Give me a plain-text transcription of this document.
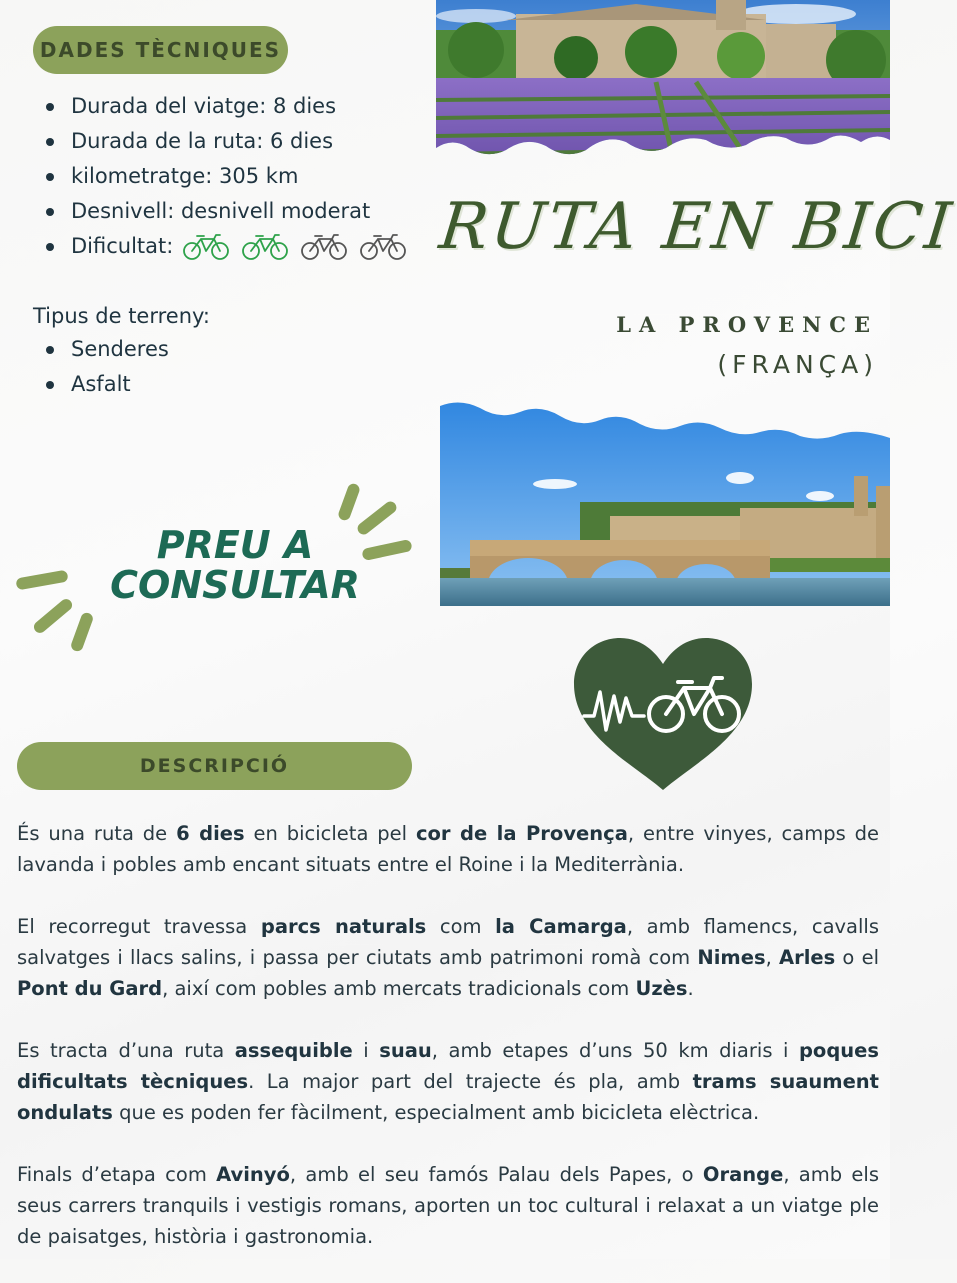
DADES TÈCNIQUES
Durada del viatge: 8 dies
Durada de la ruta: 6 dies
kilometratge: 305 km
Desnivell: desnivell moderat
Dificultat:
Tipus de terreny:
Senderes
Asfalt
RUTA EN BICI
LA PROVENCE
(FRANÇA)
PREU A
CONSULTAR
DESCRIPCIÓ

És una ruta de 6 dies en bicicleta pel cor de la Provença, entre vinyes, camps de lavanda i pobles amb encant situats entre el Roine i la Mediterrània.

El recorregut travessa parcs naturals com la Camarga, amb flamencs, cavalls salvatges i llacs salins, i passa per ciutats amb patrimoni romà com Nimes, Arles o el Pont du Gard, així com pobles amb mercats tradicionals com Uzès.

Es tracta d’una ruta assequible i suau, amb etapes d’uns 50 km diaris i poques dificultats tècniques. La major part del trajecte és pla, amb trams suaument ondulats que es poden fer fàcilment, especialment amb bicicleta elèctrica.

Finals d’etapa com Avinyó, amb el seu famós Palau dels Papes, o Orange, amb els seus carrers tranquils i vestigis romans, aporten un toc cultural i relaxat a un viatge ple de paisatges, història i gastronomia.
